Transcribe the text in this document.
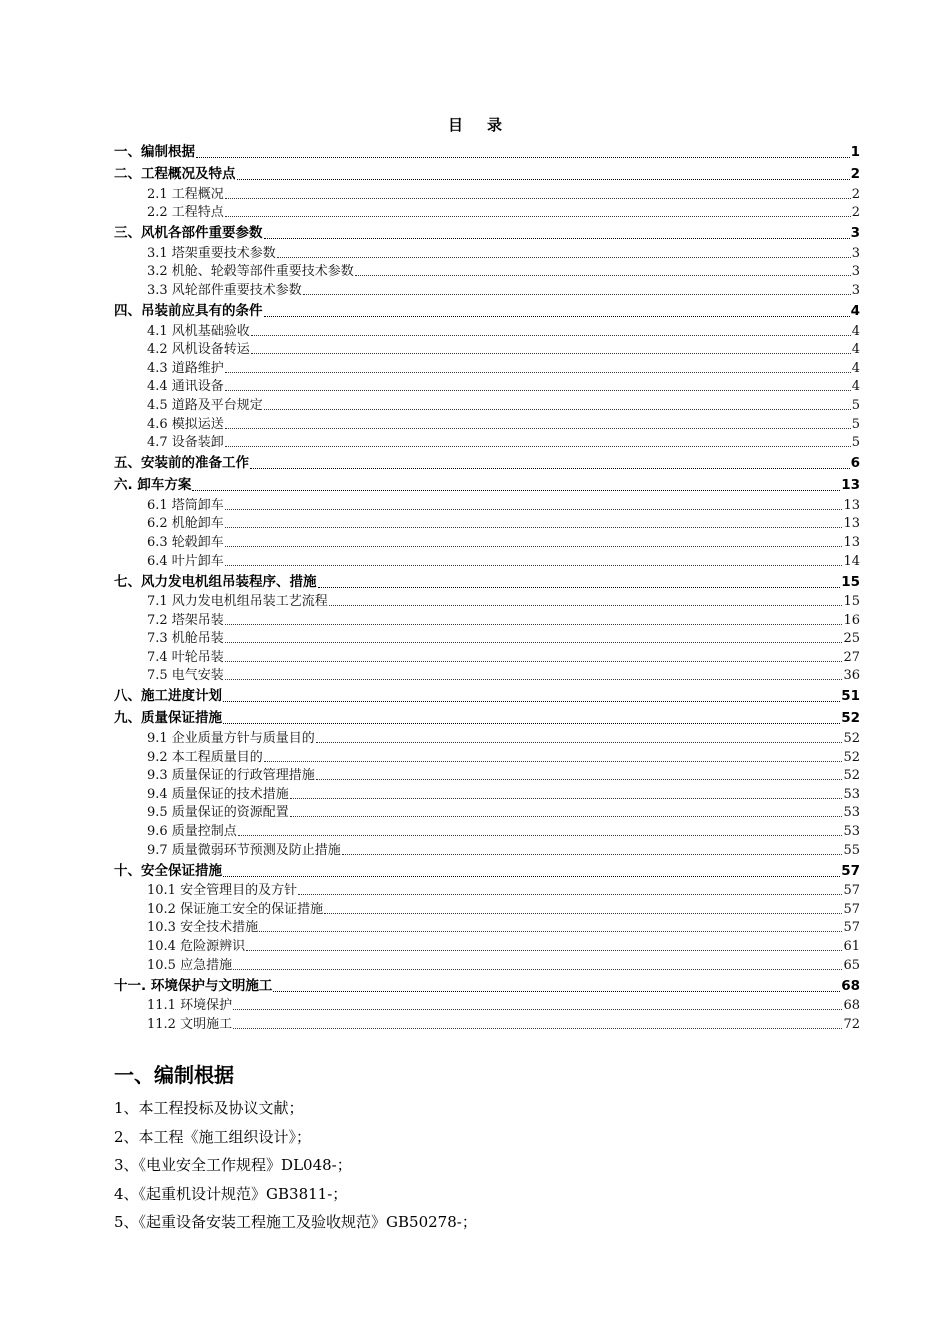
目 录
一、编制根据	1
二、工程概况及特点	2
2.1 工程概况	2
2.2 工程特点	2
三、风机各部件重要参数	3
3.1 塔架重要技术参数	3
3.2 机舱、轮毂等部件重要技术参数	3
3.3 风轮部件重要技术参数	3
四、吊装前应具有的条件	4
4.1 风机基础验收	4
4.2 风机设备转运	4
4.3 道路维护	4
4.4 通讯设备	4
4.5 道路及平台规定	5
4.6 模拟运送	5
4.7 设备装卸	5
五、安装前的准备工作	6
六. 卸车方案	13
6.1 塔筒卸车	13
6.2 机舱卸车	13
6.3 轮毂卸车	13
6.4 叶片卸车	14
七、风力发电机组吊装程序、措施	15
7.1 风力发电机组吊装工艺流程	15
7.2 塔架吊装	16
7.3 机舱吊装	25
7.4 叶轮吊装	27
7.5 电气安装	36
八、施工进度计划	51
九、质量保证措施	52
9.1 企业质量方针与质量目的	52
9.2 本工程质量目的	52
9.3 质量保证的行政管理措施	52
9.4 质量保证的技术措施	53
9.5 质量保证的资源配置	53
9.6 质量控制点	53
9.7 质量微弱环节预测及防止措施	55
十、安全保证措施	57
10.1 安全管理目的及方针	57
10.2 保证施工安全的保证措施	57
10.3 安全技术措施	57
10.4 危险源辨识	61
10.5 应急措施	65
十一. 环境保护与文明施工	68
11.1 环境保护	68
11.2 文明施工	72
一、编制根据
1、本工程投标及协议文献；
2、本工程《施工组织设计》；
3、《电业安全工作规程》DL048-；
4、《起重机设计规范》GB3811-；
5、《起重设备安装工程施工及验收规范》GB50278-；
